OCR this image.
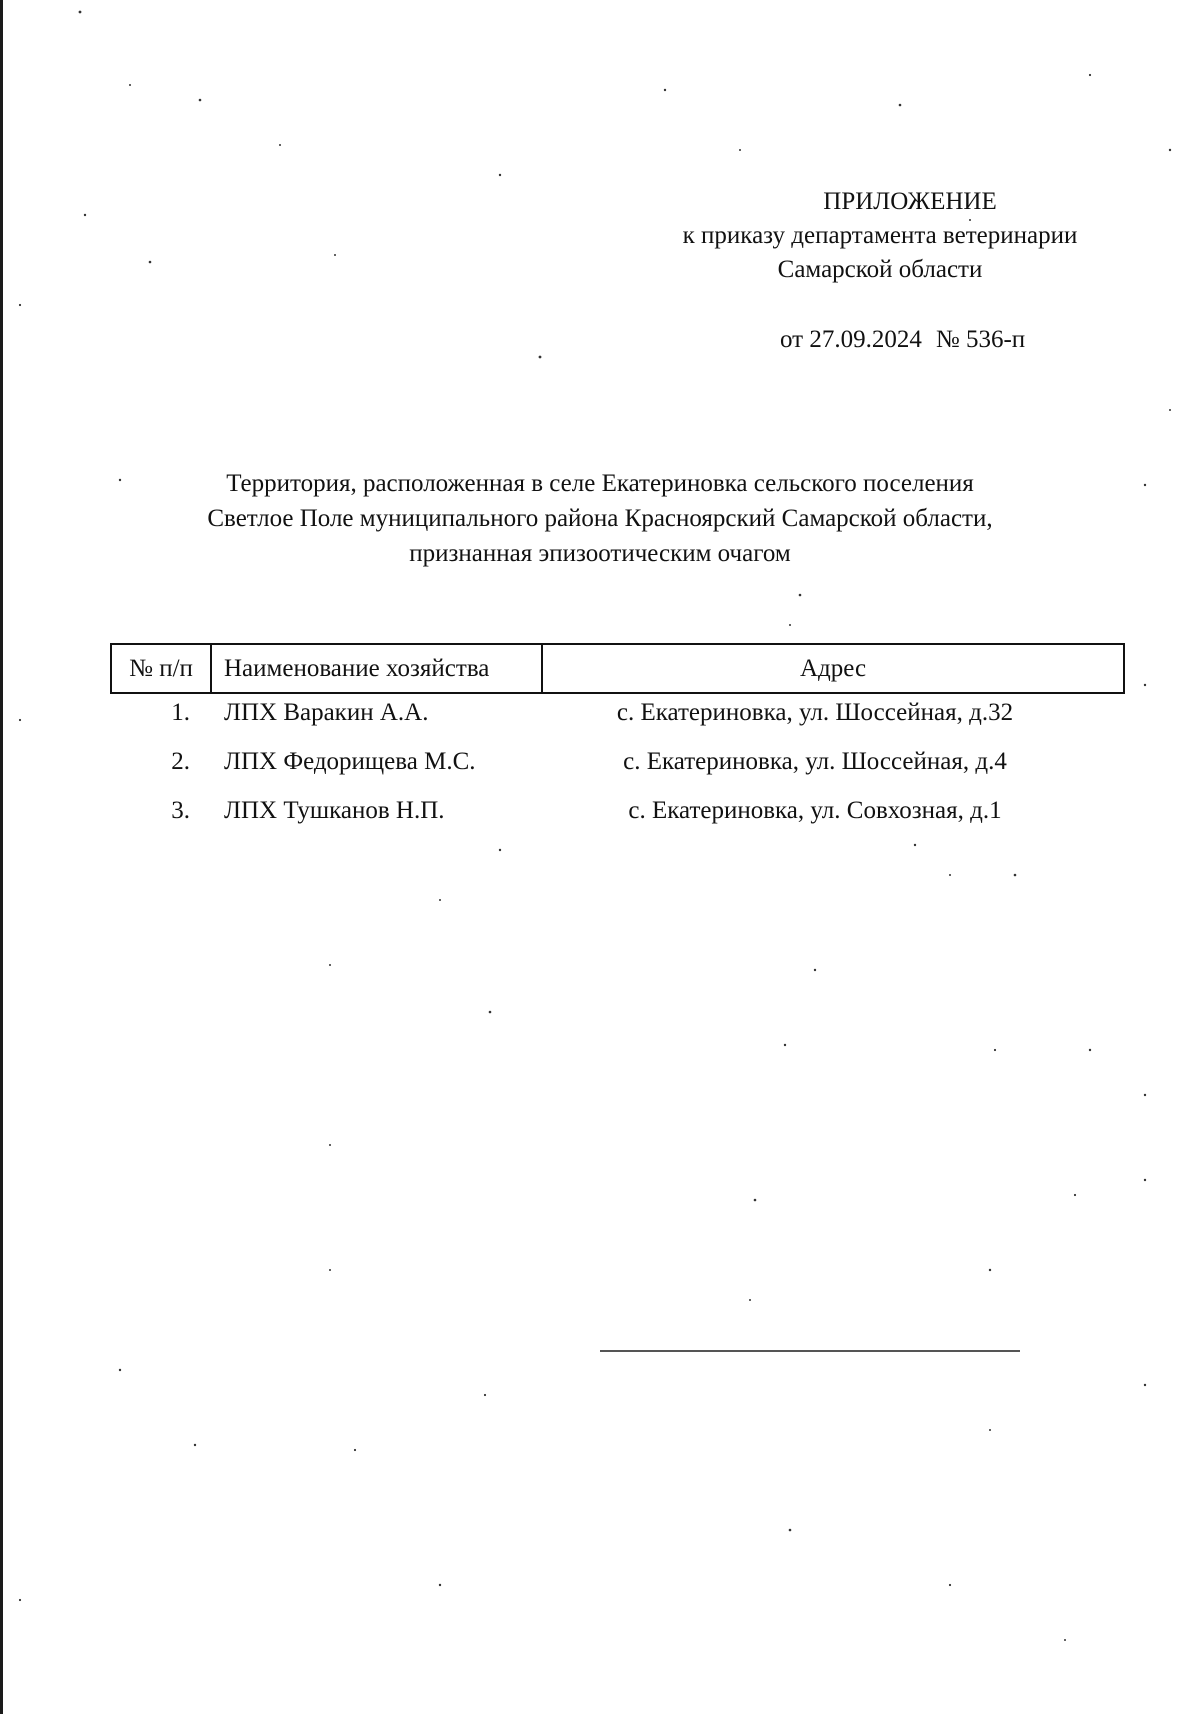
ПРИЛОЖЕНИЕ
к приказу департамента ветеринарии
Самарской области
от 27.09.2024 № 536-п
Территория, расположенная в селе Екатериновка сельского поселения
Светлое Поле муниципального района Красноярский Самарской области,
признанная эпизоотическим очагом
№ п/п	Наименование хозяйства	Адрес
1. ЛПХ Варакин А.А.	с. Екатериновка, ул. Шоссейная, д.32
2. ЛПХ Федорищева М.С.	с. Екатериновка, ул. Шоссейная, д.4
3. ЛПХ Тушканов Н.П.	с. Екатериновка, ул. Совхозная, д.1
